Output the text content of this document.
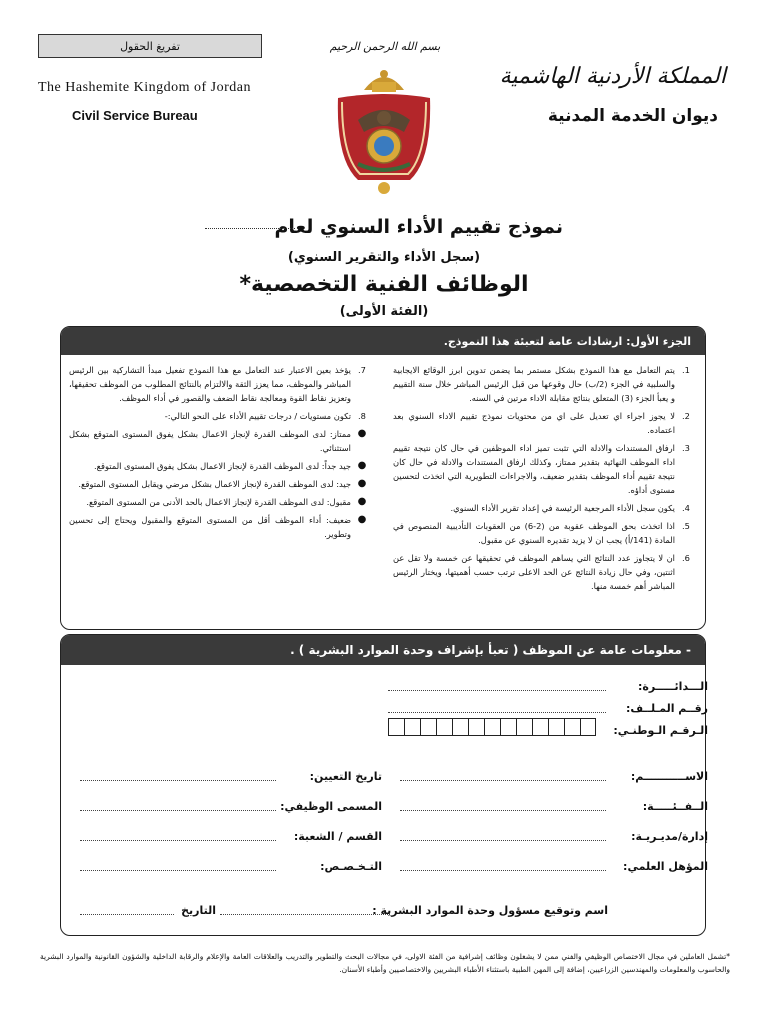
تفريغ الحقول
The Hashemite Kingdom of Jordan
Civil Service Bureau
المملكة الأردنية الهاشمية
ديوان الخدمة المدنية
بسم الله الرحمن الرحيم
نموذج تقييم الأداء السنوي لعام
(سجل الأداء والتقرير السنوي)
الوظائف الفنية التخصصية*
(الفئة الأولى)
الجزء الأول: ارشادات عامة لتعبئة هذا النموذج.
1.
يتم التعامل مع هذا النموذج بشكل مستمر بما يضمن تدوين ابرز الوقائع الايجابية والسلبية في الجزء (2/ب) حال وقوعها من قبل الرئيس المباشر خلال سنة التقييم و يعبأ الجزء (3) المتعلق بنتائج مقابلة الاداء مرتين في السنه.
2.
لا يجوز اجراء اي تعديل على اي من محتويات نموذج تقييم الاداء السنوي بعد اعتماده.
3.
ارفاق المستندات والادلة التي تثبت تميز اداء الموظفين في حال كان نتيجة تقييم اداء الموظف النهائية بتقدير ممتاز، وكذلك ارفاق المستندات والادلة في حال كان نتيجة تقييم أداء الموظف بتقدير ضعيف، والاجراءات التطويرية التي اتخذت لتحسين مستوى أداؤه.
4.
يكون سجل الأداء المرجعية الرئيسة في إعداد تقرير الأداء السنوي.
5.
اذا اتخذت بحق الموظف عقوبة من (2-6) من العقوبات التأديبية المنصوص في المادة (141/أ) يجب ان لا يزيد تقديره السنوي عن مقبول.
6.
ان لا يتجاوز عدد النتائج التي يساهم الموظف في تحقيقها عن خمسة ولا تقل عن اثنتين، وفي حال زيادة النتائج عن الحد الاعلى ترتب حسب أهميتها، ويختار الرئيس المباشر أهم خمسة منها.
7.
يؤخذ بعين الاعتبار عند التعامل مع هذا النموذج تفعيل مبدأ التشاركية بين الرئيس المباشر والموظف، مما يعزز الثقة والالتزام بالنتائج المطلوب من الموظف تحقيقها، وتعزيز نقاط القوة ومعالجة نقاط الضعف والقصور في أداء الموظف.
8.
تكون مستويات / درجات تقييم الأداء على النحو التالي:-
●
ممتاز: لدى الموظف القدرة لإنجاز الاعمال بشكل يفوق المستوى المتوقع بشكل استثنائي.
●
جيد جداً: لدى الموظف القدرة لإنجاز الاعمال بشكل يفوق المستوى المتوقع.
●
جيد: لدى الموظف القدرة لإنجاز الاعمال بشكل مرضي ويقابل المستوى المتوقع.
●
مقبول: لدى الموظف القدرة لإنجاز الاعمال بالحد الأدنى من المستوى المتوقع.
●
ضعيف: أداء الموظف أقل من المستوى المتوقع والمقبول ويحتاج إلى تحسين وتطوير.
- معلومات عامة عن الموظف ( تعبأ بإشراف وحدة الموارد البشرية ) .
الـــدائـــــرة:
رقــم المـلــف:
الـرقـم الـوطنـي:
الاســـــــــــم:
الــفــئـــــة:
إدارة/مديـريـة:
المؤهل العلمي:
تاريخ التعيين:
المسمى الوظيفي:
القسم / الشعبة:
التـخـصـص:
اسم وتوقيع مسؤول وحدة الموارد البشرية :
التاريخ
*تشمل العاملين في مجال الاختصاص الوظيفي والفني ممن لا يشغلون وظائف إشرافية من الفئة الاولى، في مجالات البحث والتطوير والتدريب والعلاقات العامة والإعلام والرقابة الداخلية والشؤون القانونية والموارد البشرية والحاسوب والمعلومات والمهندسين الزراعيين، إضافة إلى المهن الطبية باستثناء الأطباء البشريين والاختصاصيين وأطباء الأسنان.
